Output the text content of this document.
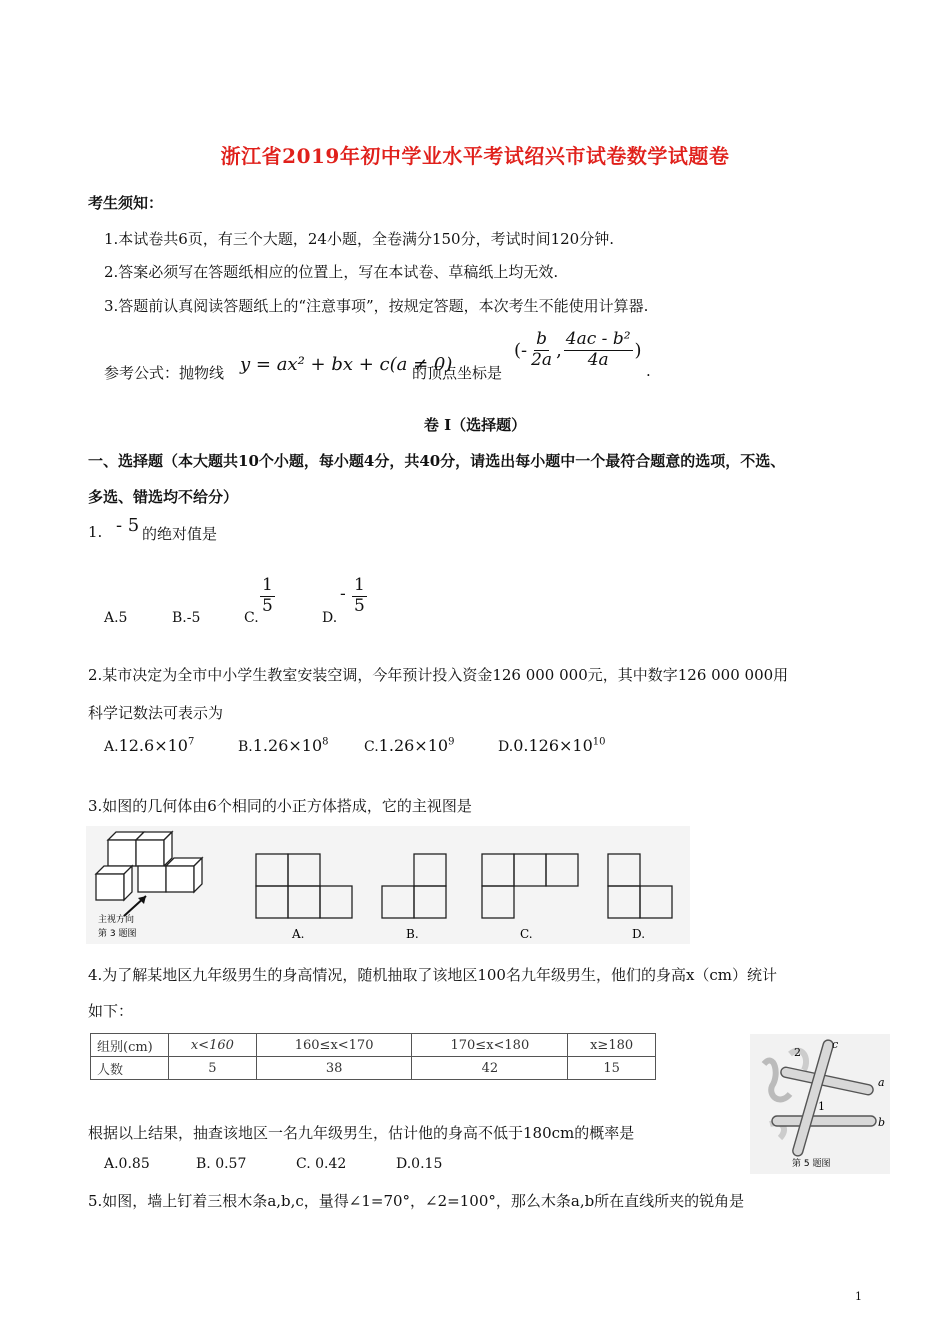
浙江省2019年初中学业水平考试绍兴市试卷数学试题卷
考生须知：
1.本试卷共6页，有三个大题，24小题，全卷满分150分，考试时间120分钟.
2.答案必须写在答题纸相应的位置上，写在本试卷、草稿纸上均无效.
3.答题前认真阅读答题纸上的“注意事项”，按规定答题，本次考生不能使用计算器.
参考公式：抛物线 y = ax² + bx + c(a ≠ 0)
的顶点坐标是
(- $\frac{b}{2a}$ , $\frac{\text{4ac - b²}}{4a}$ )
.
卷 I（选择题）
一、选择题（本大题共10个小题，每小题4分，共40分，请选出每小题中一个最符合题意的选项，不选、
多选、错选均不给分）
1. - 5 的绝对值是
A.5	B.-5	C.
$\frac{1}{5}$
D.
- $\frac{1}{5}$
2.某市决定为全市中小学生教室安装空调，今年预计投入资金126 000 000元，其中数字126 000 000用
科学记数法可表示为
$A.12.6\times 10^7$	$B.1.26\times 10^8$	$C.1.26\times 10^9$	$D.0.126\times 10^{10}$
3.如图的几何体由6个相同的小正方体搭成，它的主视图是
主视方向
第 3 题图	A.	B.	C.	D.
4.为了解某地区九年级男生的身高情况，随机抽取了该地区100名九年级男生，他们的身高x（cm）统计
如下：
组别(cm)	x<160	160≤x<170	170≤x<180	x≥180
人数	5	38	42	15
根据以上结果，抽查该地区一名九年级男生，估计他的身高不低于180cm的概率是
A.0.85	B. 0.57	C. 0.42	D.0.15
a
b
c
2
1
第 5 题图
5.如图，墙上钉着三根木条a,b,c，量得∠1=70°，∠2=100°，那么木条a,b所在直线所夹的锐角是
1
